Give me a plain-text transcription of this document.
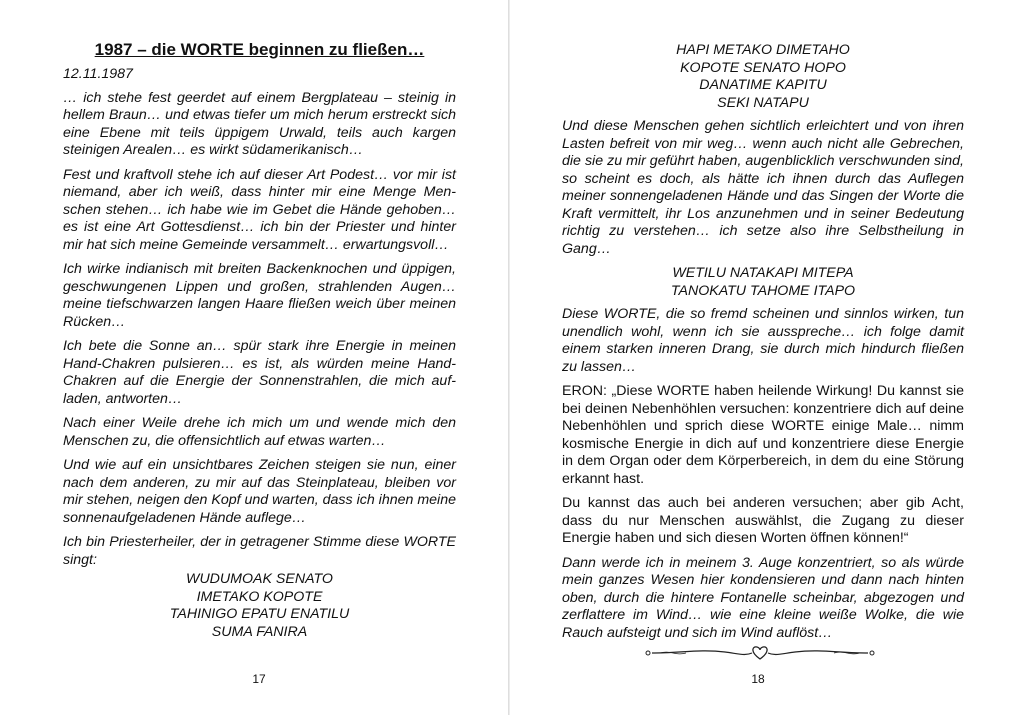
1987 – die WORTE beginnen zu fließen…
12.11.1987

… ich stehe fest geerdet auf einem Bergplateau – steinig in hellem Braun… und etwas tiefer um mich herum erstreckt sich eine Ebene mit teils üppigem Urwald, teils auch kargen steinigen Arealen… es wirkt südamerikanisch…

Fest und kraftvoll stehe ich auf dieser Art Podest… vor mir ist niemand, aber ich weiß, dass hinter mir eine Menge Menschen stehen… ich habe wie im Gebet die Hände gehoben… es ist eine Art Gottesdienst… ich bin der Priester und hinter mir hat sich meine Gemeinde versammelt… erwartungsvoll…

Ich wirke indianisch mit breiten Backenknochen und üppigen, geschwungenen Lippen und großen, strahlenden Augen… meine tiefschwarzen langen Haare fließen weich über meinen Rücken…

Ich bete die Sonne an… spür stark ihre Energie in meinen Hand-Chakren pulsieren… es ist, als würden meine Hand-Chakren auf die Energie der Sonnenstrahlen, die mich aufladen, antworten…

Nach einer Weile drehe ich mich um und wende mich den Menschen zu, die offensichtlich auf etwas warten…

Und wie auf ein unsichtbares Zeichen steigen sie nun, einer nach dem anderen, zu mir auf das Steinplateau, bleiben vor mir stehen, neigen den Kopf und warten, dass ich ihnen meine sonnenaufgeladenen Hände auflege…

Ich bin Priesterheiler, der in getragener Stimme diese WORTE singt:

WUDUMOAK SENATO
IMETAKO KOPOTE
TAHINIGO EPATU ENATILU
SUMA FANIRA
17
HAPI METAKO DIMETAHO
KOPOTE SENATO HOPO
DANATIME KAPITU
SEKI NATAPU

Und diese Menschen gehen sichtlich erleichtert und von ihren Lasten befreit von mir weg… wenn auch nicht alle Gebrechen, die sie zu mir geführt haben, augenblicklich verschwunden sind, so scheint es doch, als hätte ich ihnen durch das Auflegen meiner sonnengeladenen Hände und das Singen der Worte die Kraft vermittelt, ihr Los anzunehmen und in seiner Bedeutung richtig zu verstehen… ich setze also ihre Selbstheilung in Gang…

WETILU NATAKAPI MITEPA
TANOKATU TAHOME ITAPO

Diese WORTE, die so fremd scheinen und sinnlos wirken, tun unendlich wohl, wenn ich sie ausspreche… ich folge damit einem starken inneren Drang, sie durch mich hindurch fließen zu lassen…

ERON: „Diese WORTE haben heilende Wirkung! Du kannst sie bei deinen Nebenhöhlen versuchen: konzentriere dich auf deine Nebenhöhlen und sprich diese WORTE einige Male… nimm kosmische Energie in dich auf und konzentriere diese Energie in dem Organ oder dem Körperbereich, in dem du eine Störung erkannt hast.

Du kannst das auch bei anderen versuchen; aber gib Acht, dass du nur Menschen auswählst, die Zugang zu dieser Energie haben und sich diesen Worten öffnen können!“

Dann werde ich in meinem 3. Auge konzentriert, so als würde mein ganzes Wesen hier kondensieren und dann nach hinten oben, durch die hintere Fontanelle scheinbar, abgezogen und zerflattere im Wind… wie eine kleine weiße Wolke, die wie Rauch aufsteigt und sich im Wind auflöst…

18
